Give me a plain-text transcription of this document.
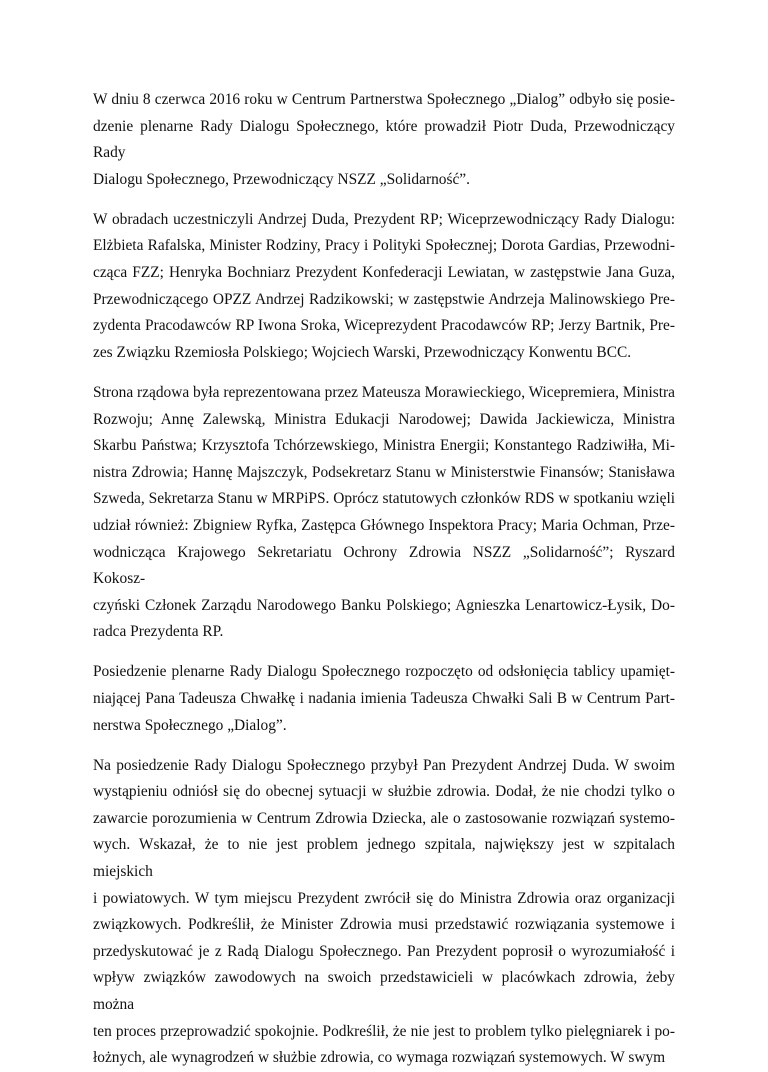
W dniu 8 czerwca 2016 roku w Centrum Partnerstwa Społecznego „Dialog” odbyło się posie-
dzenie plenarne Rady Dialogu Społecznego, które prowadził Piotr Duda, Przewodniczący Rady
Dialogu Społecznego, Przewodniczący NSZZ „Solidarność”.

W obradach uczestniczyli Andrzej Duda, Prezydent RP; Wiceprzewodniczący Rady Dialogu:
Elżbieta Rafalska, Minister Rodziny, Pracy i Polityki Społecznej; Dorota Gardias, Przewodni-
cząca FZZ; Henryka Bochniarz Prezydent Konfederacji Lewiatan, w zastępstwie Jana Guza,
Przewodniczącego OPZZ Andrzej Radzikowski; w zastępstwie Andrzeja Malinowskiego Pre-
zydenta Pracodawców RP Iwona Sroka, Wiceprezydent Pracodawców RP; Jerzy Bartnik, Pre-
zes Związku Rzemiosła Polskiego; Wojciech Warski, Przewodniczący Konwentu BCC.

Strona rządowa była reprezentowana przez Mateusza Morawieckiego, Wicepremiera, Ministra
Rozwoju; Annę Zalewską, Ministra Edukacji Narodowej; Dawida Jackiewicza, Ministra
Skarbu Państwa; Krzysztofa Tchórzewskiego, Ministra Energii; Konstantego Radziwiłła, Mi-
nistra Zdrowia; Hannę Majszczyk, Podsekretarz Stanu w Ministerstwie Finansów; Stanisława
Szweda, Sekretarza Stanu w MRPiPS. Oprócz statutowych członków RDS w spotkaniu wzięli
udział również: Zbigniew Ryfka, Zastępca Głównego Inspektora Pracy; Maria Ochman, Prze-
wodnicząca Krajowego Sekretariatu Ochrony Zdrowia NSZZ „Solidarność”; Ryszard Kokosz-
czyński Członek Zarządu Narodowego Banku Polskiego; Agnieszka Lenartowicz-Łysik, Do-
radca Prezydenta RP.

Posiedzenie plenarne Rady Dialogu Społecznego rozpoczęto od odsłonięcia tablicy upamięt-
niającej Pana Tadeusza Chwałkę i nadania imienia Tadeusza Chwałki Sali B w Centrum Part-
nerstwa Społecznego „Dialog”.

Na posiedzenie Rady Dialogu Społecznego przybył Pan Prezydent Andrzej Duda. W swoim
wystąpieniu odniósł się do obecnej sytuacji w służbie zdrowia. Dodał, że nie chodzi tylko o
zawarcie porozumienia w Centrum Zdrowia Dziecka, ale o zastosowanie rozwiązań systemo-
wych. Wskazał, że to nie jest problem jednego szpitala, największy jest w szpitalach miejskich
i powiatowych. W tym miejscu Prezydent zwrócił się do Ministra Zdrowia oraz organizacji
związkowych. Podkreślił, że Minister Zdrowia musi przedstawić rozwiązania systemowe i
przedyskutować je z Radą Dialogu Społecznego. Pan Prezydent poprosił o wyrozumiałość i
wpływ związków zawodowych na swoich przedstawicieli w placówkach zdrowia, żeby można
ten proces przeprowadzić spokojnie. Podkreślił, że nie jest to problem tylko pielęgniarek i po-
łożnych, ale wynagrodzeń w służbie zdrowia, co wymaga rozwiązań systemowych. W swym
